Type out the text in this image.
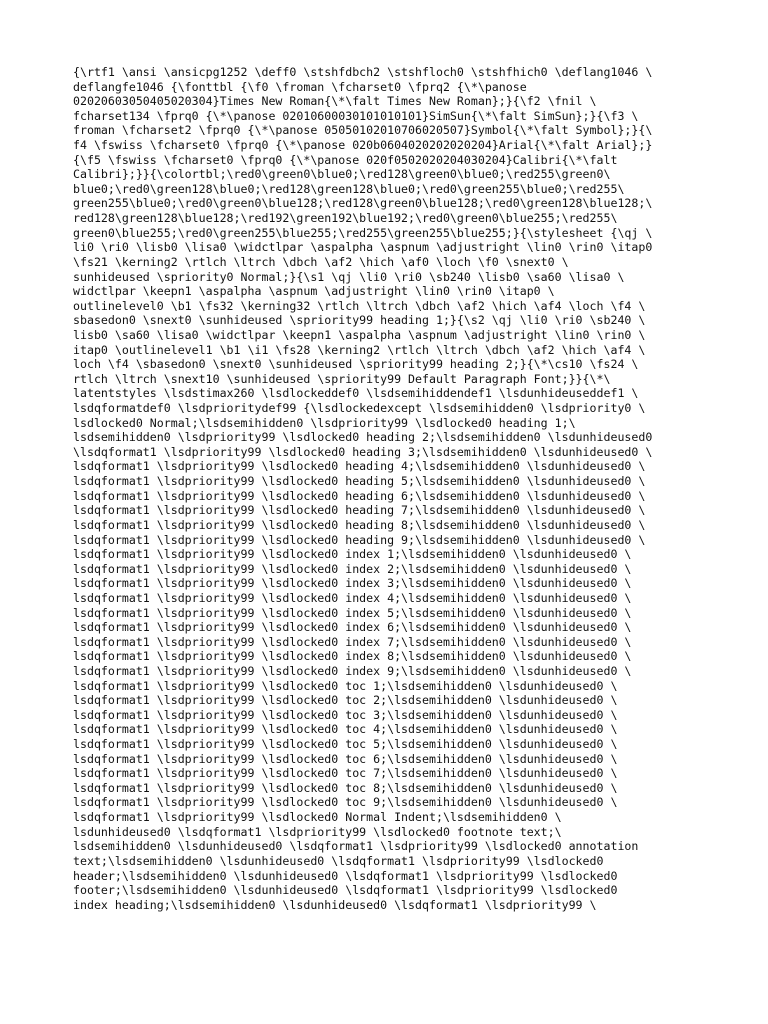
{\rtf1 \ansi \ansicpg1252 \deff0 \stshfdbch2 \stshfloch0 \stshfhich0 \deflang1046 \
deflangfe1046 {\fonttbl {\f0 \froman \fcharset0 \fprq2 {\*\panose
02020603050405020304}Times New Roman{\*\falt Times New Roman};}{\f2 \fnil \
fcharset134 \fprq0 {\*\panose 02010600030101010101}SimSun{\*\falt SimSun};}{\f3 \
froman \fcharset2 \fprq0 {\*\panose 05050102010706020507}Symbol{\*\falt Symbol};}{\
f4 \fswiss \fcharset0 \fprq0 {\*\panose 020b0604020202020204}Arial{\*\falt Arial};}
{\f5 \fswiss \fcharset0 \fprq0 {\*\panose 020f0502020204030204}Calibri{\*\falt
Calibri};}}{\colortbl;\red0\green0\blue0;\red128\green0\blue0;\red255\green0\
blue0;\red0\green128\blue0;\red128\green128\blue0;\red0\green255\blue0;\red255\
green255\blue0;\red0\green0\blue128;\red128\green0\blue128;\red0\green128\blue128;\
red128\green128\blue128;\red192\green192\blue192;\red0\green0\blue255;\red255\
green0\blue255;\red0\green255\blue255;\red255\green255\blue255;}{\stylesheet {\qj \
li0 \ri0 \lisb0 \lisa0 \widctlpar \aspalpha \aspnum \adjustright \lin0 \rin0 \itap0
\fs21 \kerning2 \rtlch \ltrch \dbch \af2 \hich \af0 \loch \f0 \snext0 \
sunhideused \spriority0 Normal;}{\s1 \qj \li0 \ri0 \sb240 \lisb0 \sa60 \lisa0 \
widctlpar \keepn1 \aspalpha \aspnum \adjustright \lin0 \rin0 \itap0 \
outlinelevel0 \b1 \fs32 \kerning32 \rtlch \ltrch \dbch \af2 \hich \af4 \loch \f4 \
sbasedon0 \snext0 \sunhideused \spriority99 heading 1;}{\s2 \qj \li0 \ri0 \sb240 \
lisb0 \sa60 \lisa0 \widctlpar \keepn1 \aspalpha \aspnum \adjustright \lin0 \rin0 \
itap0 \outlinelevel1 \b1 \i1 \fs28 \kerning2 \rtlch \ltrch \dbch \af2 \hich \af4 \
loch \f4 \sbasedon0 \snext0 \sunhideused \spriority99 heading 2;}{\*\cs10 \fs24 \
rtlch \ltrch \snext10 \sunhideused \spriority99 Default Paragraph Font;}}{\*\
latentstyles \lsdstimax260 \lsdlockeddef0 \lsdsemihiddendef1 \lsdunhideuseddef1 \
lsdqformatdef0 \lsdprioritydef99 {\lsdlockedexcept \lsdsemihidden0 \lsdpriority0 \
lsdlocked0 Normal;\lsdsemihidden0 \lsdpriority99 \lsdlocked0 heading 1;\
lsdsemihidden0 \lsdpriority99 \lsdlocked0 heading 2;\lsdsemihidden0 \lsdunhideused0
\lsdqformat1 \lsdpriority99 \lsdlocked0 heading 3;\lsdsemihidden0 \lsdunhideused0 \
lsdqformat1 \lsdpriority99 \lsdlocked0 heading 4;\lsdsemihidden0 \lsdunhideused0 \
lsdqformat1 \lsdpriority99 \lsdlocked0 heading 5;\lsdsemihidden0 \lsdunhideused0 \
lsdqformat1 \lsdpriority99 \lsdlocked0 heading 6;\lsdsemihidden0 \lsdunhideused0 \
lsdqformat1 \lsdpriority99 \lsdlocked0 heading 7;\lsdsemihidden0 \lsdunhideused0 \
lsdqformat1 \lsdpriority99 \lsdlocked0 heading 8;\lsdsemihidden0 \lsdunhideused0 \
lsdqformat1 \lsdpriority99 \lsdlocked0 heading 9;\lsdsemihidden0 \lsdunhideused0 \
lsdqformat1 \lsdpriority99 \lsdlocked0 index 1;\lsdsemihidden0 \lsdunhideused0 \
lsdqformat1 \lsdpriority99 \lsdlocked0 index 2;\lsdsemihidden0 \lsdunhideused0 \
lsdqformat1 \lsdpriority99 \lsdlocked0 index 3;\lsdsemihidden0 \lsdunhideused0 \
lsdqformat1 \lsdpriority99 \lsdlocked0 index 4;\lsdsemihidden0 \lsdunhideused0 \
lsdqformat1 \lsdpriority99 \lsdlocked0 index 5;\lsdsemihidden0 \lsdunhideused0 \
lsdqformat1 \lsdpriority99 \lsdlocked0 index 6;\lsdsemihidden0 \lsdunhideused0 \
lsdqformat1 \lsdpriority99 \lsdlocked0 index 7;\lsdsemihidden0 \lsdunhideused0 \
lsdqformat1 \lsdpriority99 \lsdlocked0 index 8;\lsdsemihidden0 \lsdunhideused0 \
lsdqformat1 \lsdpriority99 \lsdlocked0 index 9;\lsdsemihidden0 \lsdunhideused0 \
lsdqformat1 \lsdpriority99 \lsdlocked0 toc 1;\lsdsemihidden0 \lsdunhideused0 \
lsdqformat1 \lsdpriority99 \lsdlocked0 toc 2;\lsdsemihidden0 \lsdunhideused0 \
lsdqformat1 \lsdpriority99 \lsdlocked0 toc 3;\lsdsemihidden0 \lsdunhideused0 \
lsdqformat1 \lsdpriority99 \lsdlocked0 toc 4;\lsdsemihidden0 \lsdunhideused0 \
lsdqformat1 \lsdpriority99 \lsdlocked0 toc 5;\lsdsemihidden0 \lsdunhideused0 \
lsdqformat1 \lsdpriority99 \lsdlocked0 toc 6;\lsdsemihidden0 \lsdunhideused0 \
lsdqformat1 \lsdpriority99 \lsdlocked0 toc 7;\lsdsemihidden0 \lsdunhideused0 \
lsdqformat1 \lsdpriority99 \lsdlocked0 toc 8;\lsdsemihidden0 \lsdunhideused0 \
lsdqformat1 \lsdpriority99 \lsdlocked0 toc 9;\lsdsemihidden0 \lsdunhideused0 \
lsdqformat1 \lsdpriority99 \lsdlocked0 Normal Indent;\lsdsemihidden0 \
lsdunhideused0 \lsdqformat1 \lsdpriority99 \lsdlocked0 footnote text;\
lsdsemihidden0 \lsdunhideused0 \lsdqformat1 \lsdpriority99 \lsdlocked0 annotation
text;\lsdsemihidden0 \lsdunhideused0 \lsdqformat1 \lsdpriority99 \lsdlocked0
header;\lsdsemihidden0 \lsdunhideused0 \lsdqformat1 \lsdpriority99 \lsdlocked0
footer;\lsdsemihidden0 \lsdunhideused0 \lsdqformat1 \lsdpriority99 \lsdlocked0
index heading;\lsdsemihidden0 \lsdunhideused0 \lsdqformat1 \lsdpriority99 \
